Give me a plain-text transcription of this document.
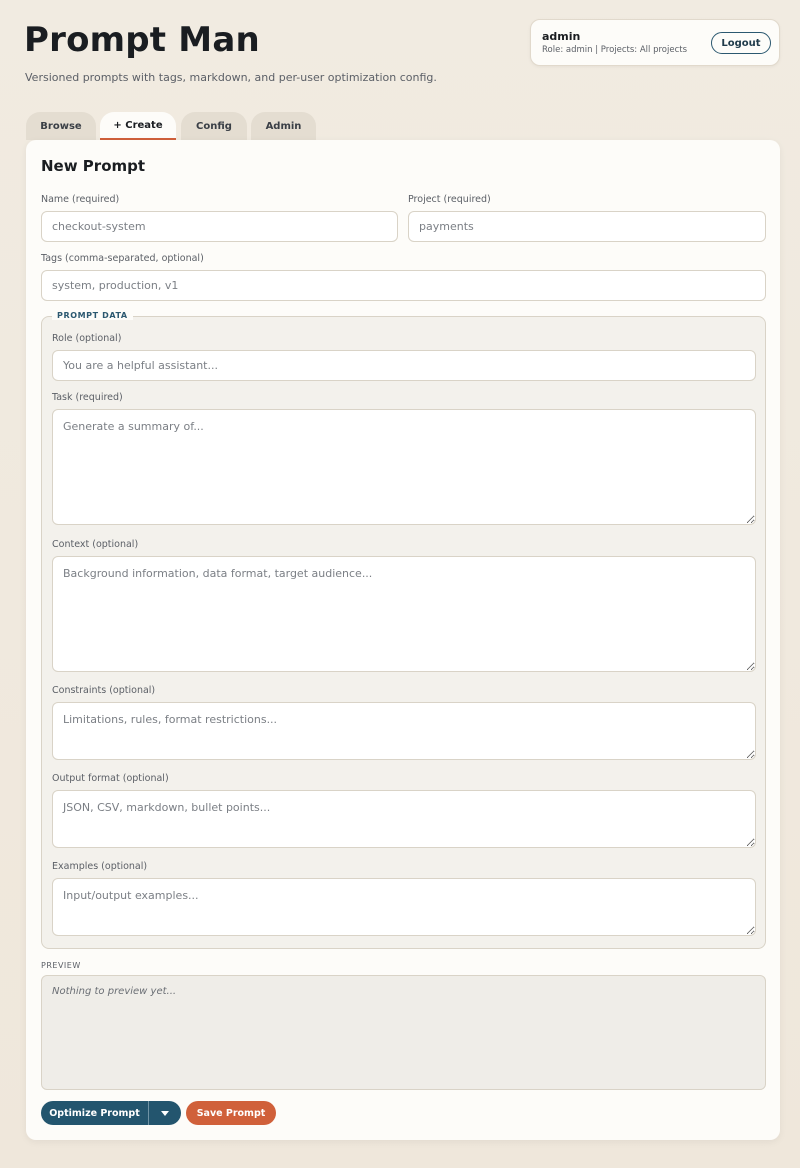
Prompt Man
Versioned prompts with tags, markdown, and per-user optimization config.
admin
Role: admin | Projects: All projects
Logout
Browse	+ Create	Config	Admin
New Prompt
Name (required)
checkout-system	Project (required)
payments
Tags (comma-separated, optional)
system, production, v1
PROMPT DATA
Role (optional)
You are a helpful assistant...
Task (required)
Generate a summary of...
Context (optional)
Background information, data format, target audience...
Constraints (optional)
Limitations, rules, format restrictions...
Output format (optional)
JSON, CSV, markdown, bullet points...
Examples (optional)
Input/output examples...
PREVIEW
Nothing to preview yet...
Optimize Prompt	Save Prompt
